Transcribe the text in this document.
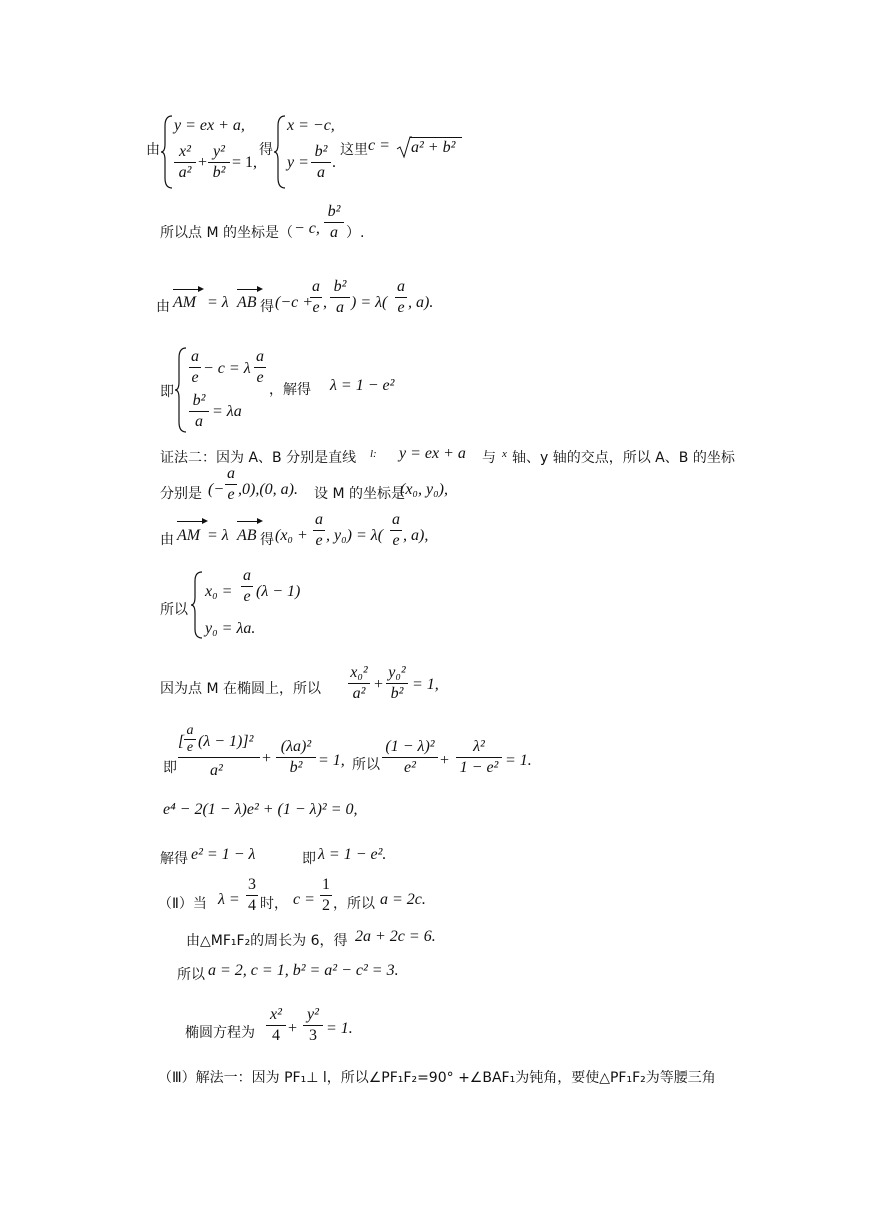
由
y = ex + a,
x²
a²
+
y²
b²
= 1,
得
x = −c,
y =
b²
a
.
这里 c = a² + b²
所以点 M 的坐标是（ − c,
b²
a ）.
由 AM = λ AB 得 (−c +
a
e ,
b²
a ) = λ(
a
e , a).
即
a
e
− c = λ
a
e
，解得 λ = 1 − e²
b²
a
= λa
证法二：因为 A、B 分别是直线 l: y = ex + a 与 x 轴、y 轴的交点，所以 A、B 的坐标
分别是 (−
a
e ,0),(0, a). 设 M 的坐标是
(x₀, y₀),
由 AM = λ AB 得 (x₀ +
a
e , y₀) = λ(
a
e , a),
所以
x₀ =
a
e (λ − 1)
y₀ = λa.
因为点 M 在椭圆上，所以
x₀²
a²
+
y₀²
b²
= 1,
即
[
a
e (λ − 1)]²
a²
+
(λa)²
b² = 1, 所以
(1 − λ)²
e²	+
λ²
1 − e² = 1.
e⁴ − 2(1 − λ)e² + (1 − λ)² = 0,
解得 e² = 1 − λ	即 λ = 1 − e².
（Ⅱ）当 λ =
3
4 时， c =
1
2 ，所以 a = 2c.
由△MF₁F₂的周长为 6，得 2a + 2c = 6.
所以 a = 2, c = 1, b² = a² − c² = 3.
椭圆方程为
x²
4 +
y²
3 = 1.
（Ⅲ）解法一：因为 PF₁⊥ l，所以∠PF₁F₂=90° +∠BAF₁为钝角，要使△PF₁F₂为等腰三角
